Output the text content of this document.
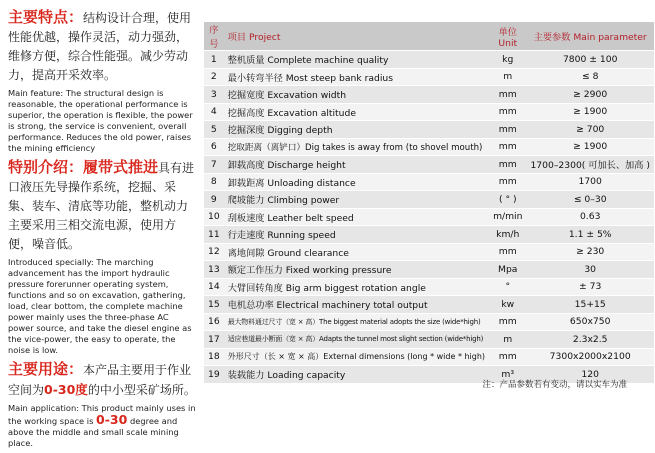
主要特点：结构设计合理，使用性能优越，操作灵活，动力强劲，维修方便，综合性能强。减少劳动力，提高开采效率。

Main feature: The structural design is reasonable, the operational performance is superior, the operation is flexible, the power is strong, the service is convenient, overall performance. Reduces the old power, raises the mining efficiency

特别介绍：履带式推进具有进口液压先导操作系统，挖掘、采集、装车、清底等功能，整机动力主要采用三相交流电源，使用方便，噪音低。

Introduced specially: The marching advancement has the import hydraulic pressure forerunner operating system, functions and so on excavation, gathering, load, clear bottom, the complete machine power mainly uses the three-phase AC power source, and take the diesel engine as the vice-power, the easy to operate, the noise is low.

主要用途：本产品主要用于作业空间为0-30度的中小型采矿场所。

Main application: This product mainly uses in the working space is 0-30 degree and above the middle and small scale mining place.

序号	项目 Project	单位 Unit	主要参数 Main parameter
1	整机质量 Complete machine quality	kg	7800 ± 100
2	最小转弯半径 Most steep bank radius	m	≤ 8
3	挖掘宽度 Excavation width	mm	≥ 2900
4	挖掘高度 Excavation altitude	mm	≥ 1900
5	挖掘深度 Digging depth	mm	≥ 700
6	挖取距离（离铲口）Dig takes is away from (to shovel mouth)	mm	≥ 1900
7	卸载高度 Discharge height	mm	1700–2300( 可加长、加高 )
8	卸载距离 Unloading distance	mm	1700
9	爬坡能力 Climbing power	( ° )	≤ 0–30
10	刮板速度 Leather belt speed	m/min	0.63
11	行走速度 Running speed	km/h	1.1 ± 5%
12	离地间隙 Ground clearance	mm	≥ 230
13	额定工作压力 Fixed working pressure	Mpa	30
14	大臂回转角度 Big arm biggest rotation angle	°	± 73
15	电机总功率 Electrical machinery total output	kw	15+15
16	最大物料通过尺寸（宽 × 高）The biggest material adopts the size (wide*high)	mm	650x750
17	适应巷道最小断面（宽 × 高）Adapts the tunnel most slight section (wide*high)	m	2.3x2.5
18	外形尺寸（长 × 宽 × 高）External dimensions (long * wide * high)	mm	7300x2000x2100
19	装载能力 Loading capacity	m³	120
注：产品参数若有变动，请以实车为准
